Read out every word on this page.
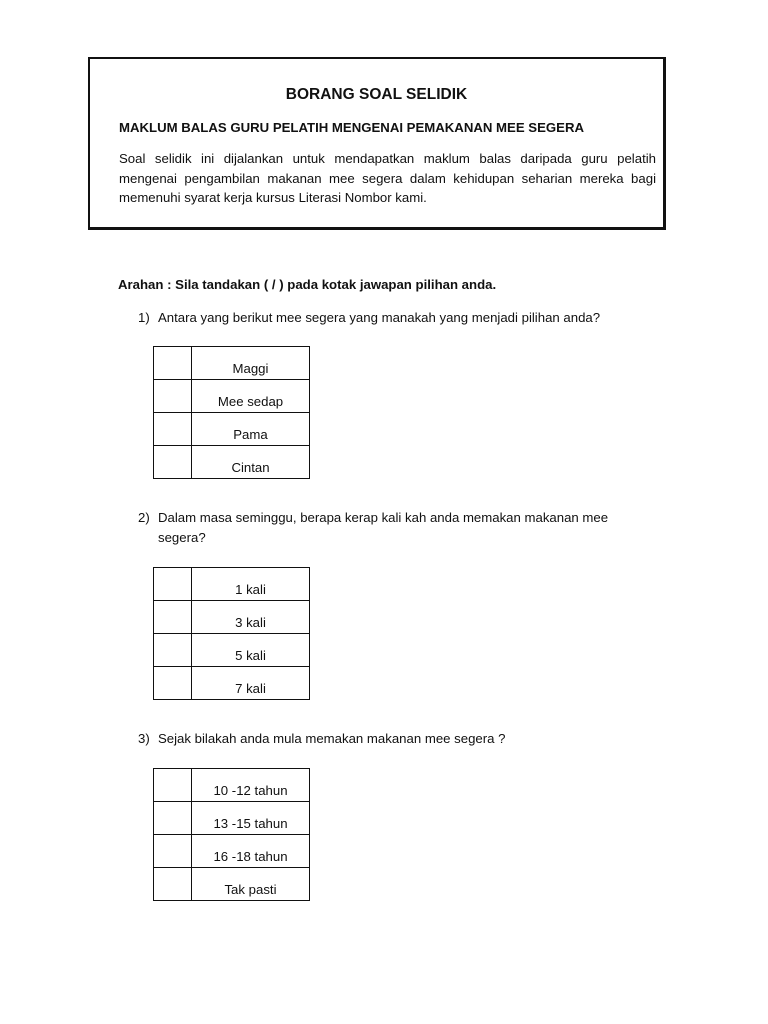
BORANG SOAL SELIDIK
MAKLUM BALAS GURU PELATIH MENGENAI PEMAKANAN MEE SEGERA
Soal selidik ini dijalankan untuk mendapatkan maklum balas daripada guru pelatih mengenai pengambilan makanan mee segera dalam kehidupan seharian mereka bagi memenuhi syarat kerja kursus Literasi Nombor kami.
Arahan : Sila tandakan ( / ) pada kotak jawapan pilihan anda.
1) Antara yang berikut mee segera yang manakah yang menjadi pilihan anda?
	Maggi
	Mee sedap
	Pama
	Cintan
2) Dalam masa seminggu, berapa kerap kali kah anda memakan makanan mee segera?
	1 kali
	3 kali
	5 kali
	7 kali
3) Sejak bilakah anda mula memakan makanan mee segera ?
	10 -12 tahun
	13 -15 tahun
	16 -18 tahun
	Tak pasti
